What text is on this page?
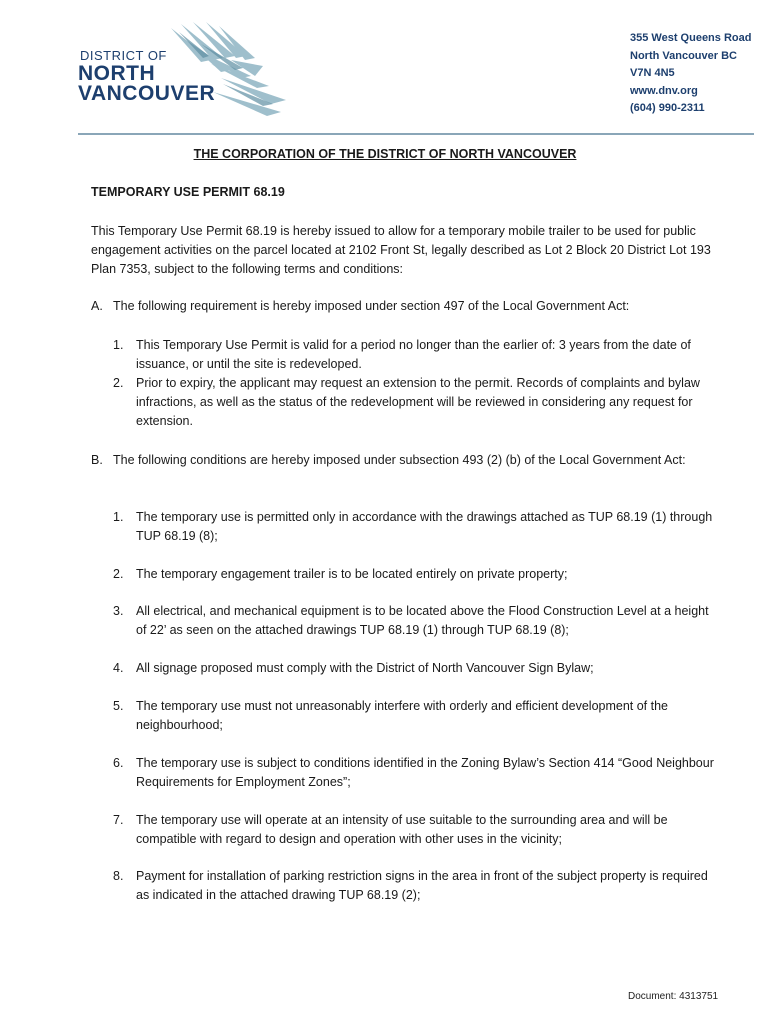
DISTRICT OF
NORTH
VANCOUVER
355 West Queens Road
North Vancouver BC
V7N 4N5
www.dnv.org
(604) 990-2311
THE CORPORATION OF THE DISTRICT OF NORTH VANCOUVER
TEMPORARY USE PERMIT 68.19
This Temporary Use Permit 68.19 is hereby issued to allow for a temporary mobile trailer to be used for public engagement activities on the parcel located at 2102 Front St, legally described as Lot 2 Block 20 District Lot 193 Plan 7353, subject to the following terms and conditions:
A. The following requirement is hereby imposed under section 497 of the Local Government Act:
1. This Temporary Use Permit is valid for a period no longer than the earlier of: 3 years from the date of issuance, or until the site is redeveloped.
2. Prior to expiry, the applicant may request an extension to the permit. Records of complaints and bylaw infractions, as well as the status of the redevelopment will be reviewed in considering any request for extension.
B. The following conditions are hereby imposed under subsection 493 (2) (b) of the Local Government Act:
1. The temporary use is permitted only in accordance with the drawings attached as TUP 68.19 (1) through TUP 68.19 (8);
2. The temporary engagement trailer is to be located entirely on private property;
3. All electrical, and mechanical equipment is to be located above the Flood Construction Level at a height of 22’ as seen on the attached drawings TUP 68.19 (1) through TUP 68.19 (8);
4. All signage proposed must comply with the District of North Vancouver Sign Bylaw;
5. The temporary use must not unreasonably interfere with orderly and efficient development of the neighbourhood;
6. The temporary use is subject to conditions identified in the Zoning Bylaw’s Section 414 “Good Neighbour Requirements for Employment Zones”;
7. The temporary use will operate at an intensity of use suitable to the surrounding area and will be compatible with regard to design and operation with other uses in the vicinity;
8. Payment for installation of parking restriction signs in the area in front of the subject property is required as indicated in the attached drawing TUP 68.19 (2);
Document: 4313751
